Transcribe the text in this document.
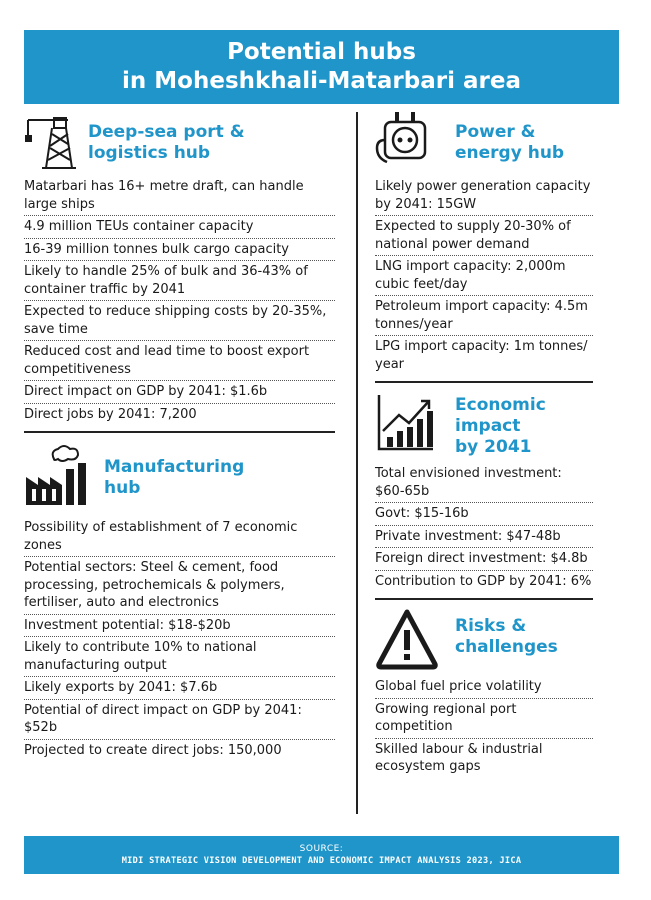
Potential hubs
in Moheshkhali-Matarbari area
Deep-sea port &
logistics hub
Matarbari has 16+ metre draft, can handle large ships
4.9 million TEUs container capacity
16-39 million tonnes bulk cargo capacity
Likely to handle 25% of bulk and 36-43% of container traffic by 2041
Expected to reduce shipping costs by 20-35%, save time
Reduced cost and lead time to boost export competitiveness
Direct impact on GDP by 2041: $1.6b
Direct jobs by 2041: 7,200
Manufacturing
hub
Possibility of establishment of 7 economic zones
Potential sectors: Steel & cement, food processing, petrochemicals & polymers, fertiliser, auto and electronics
Investment potential: $18-$20b
Likely to contribute 10% to national manufacturing output
Likely exports by 2041: $7.6b
Potential of direct impact on GDP by 2041: $52b
Projected to create direct jobs: 150,000
Power &
energy hub
Likely power generation capacity by 2041: 15GW
Expected to supply 20-30% of national power demand
LNG import capacity: 2,000m cubic feet/day
Petroleum import capacity: 4.5m tonnes/year
LPG import capacity: 1m tonnes/ year
Economic
impact
by 2041
Total envisioned investment: $60-65b
Govt: $15-16b
Private investment: $47-48b
Foreign direct investment: $4.8b
Contribution to GDP by 2041: 6%
Risks &
challenges
Global fuel price volatility
Growing regional port competition
Skilled labour & industrial ecosystem gaps
SOURCE:
MIDI STRATEGIC VISION DEVELOPMENT AND ECONOMIC IMPACT ANALYSIS 2023, JICA
